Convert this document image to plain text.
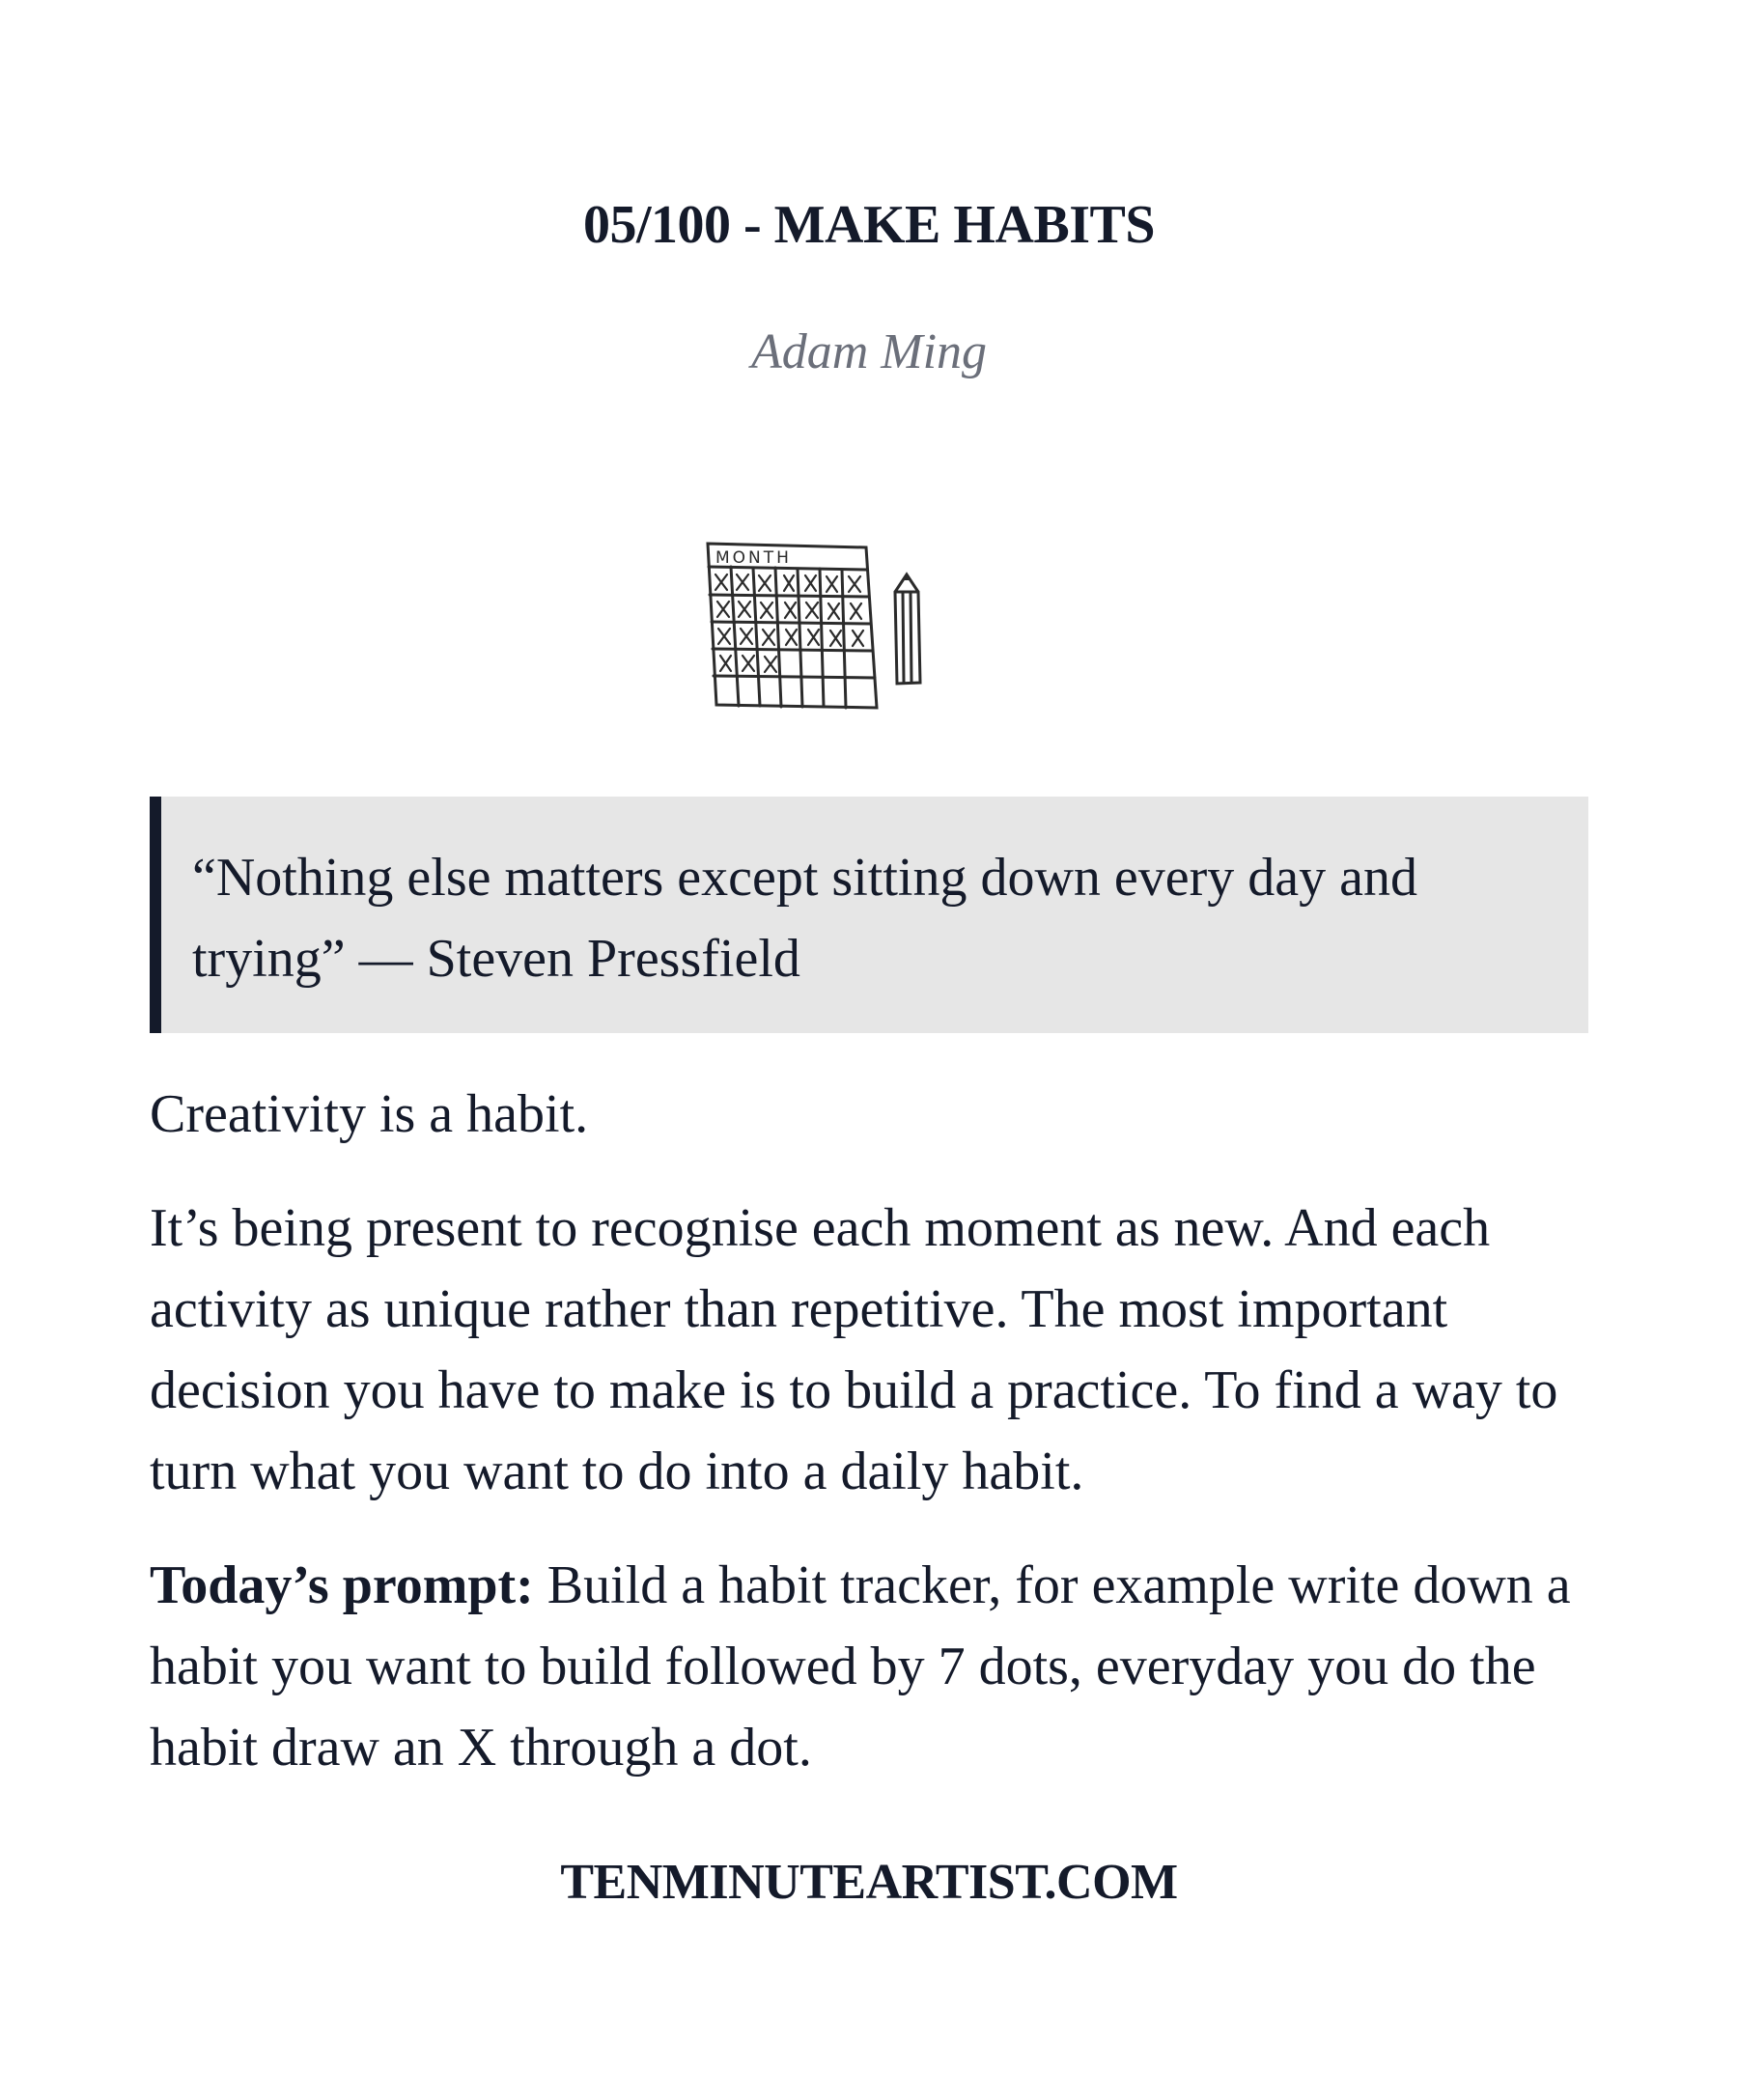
05/100 - MAKE HABITS
Adam Ming
MONTH
“Nothing else matters except sitting down every day and trying” — Steven Pressfield

Creativity is a habit.

It’s being present to recognise each moment as new. And each activity as unique rather than repetitive. The most important decision you have to make is to build a practice. To find a way to turn what you want to do into a daily habit.

Today’s prompt: Build a habit tracker, for example write down a habit you want to build followed by 7 dots, everyday you do the habit draw an X through a dot.

TENMINUTEARTIST.COM
